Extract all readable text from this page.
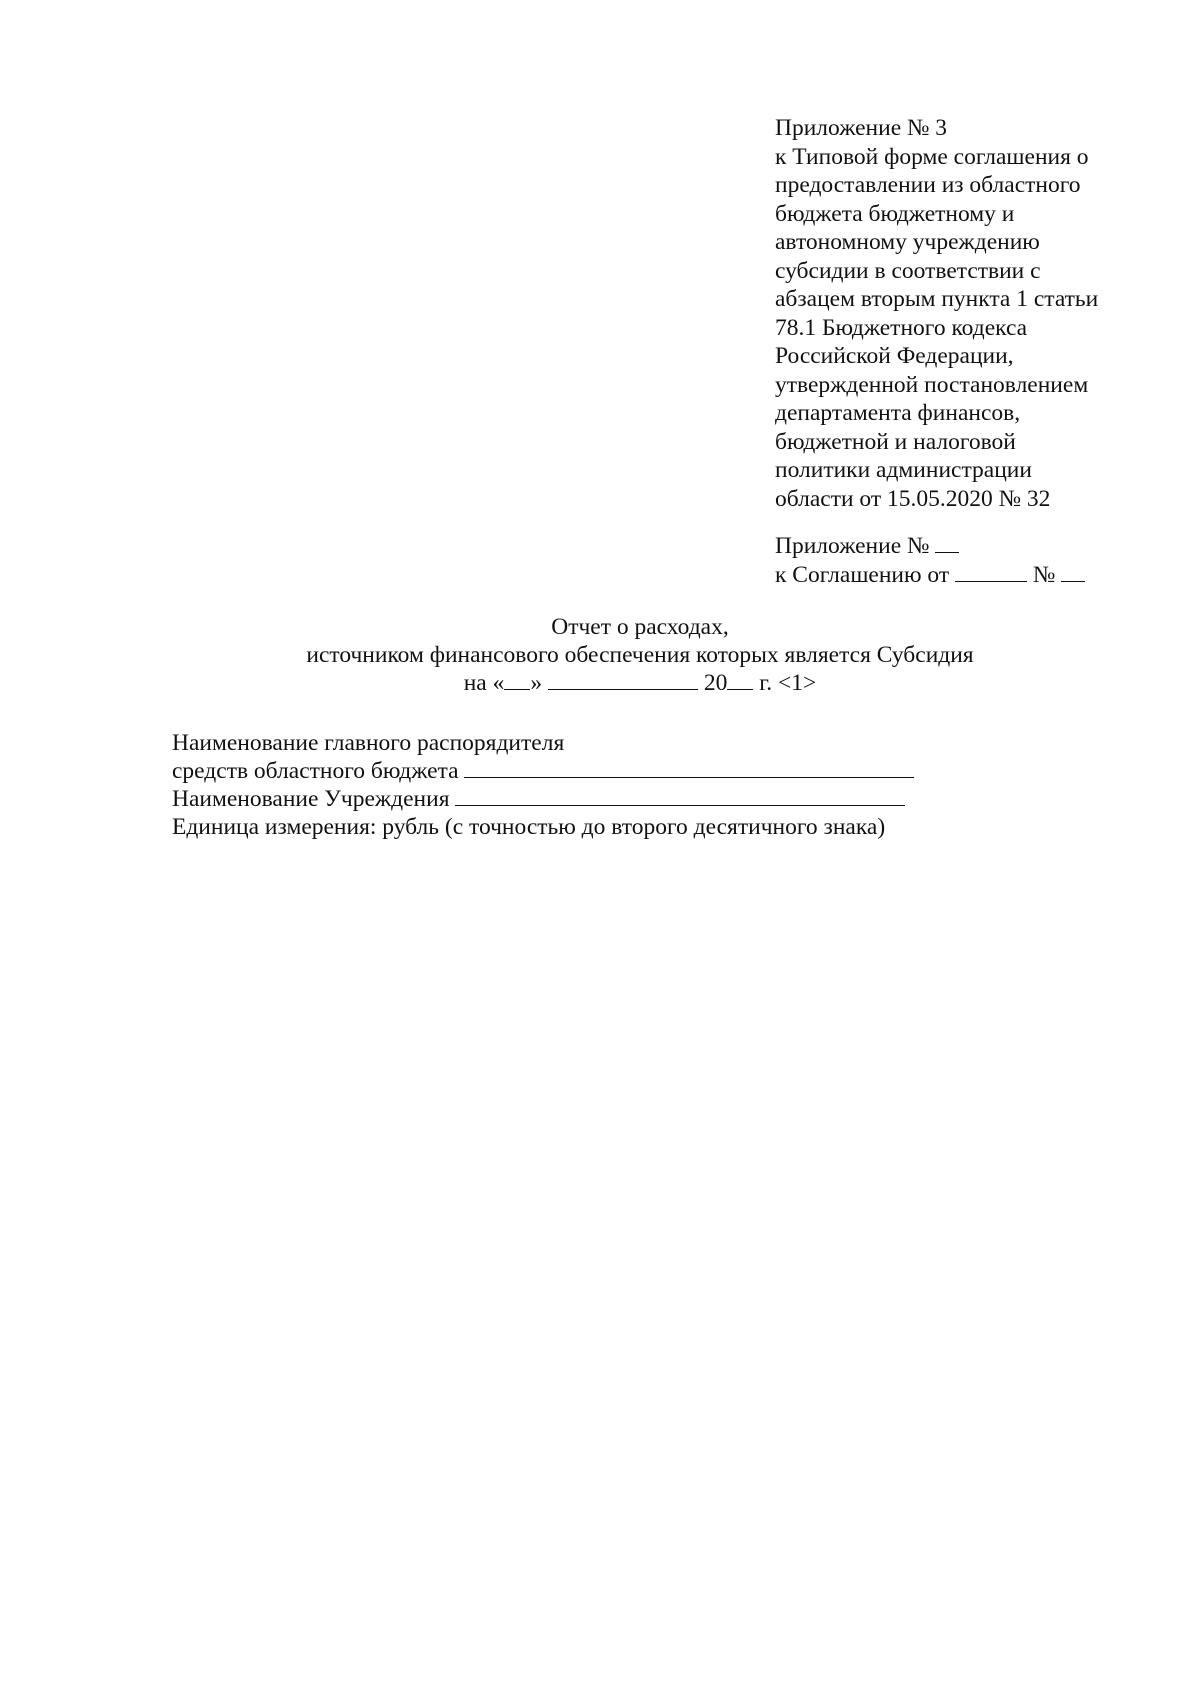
Приложение № 3
к Типовой форме соглашения о
предоставлении из областного
бюджета бюджетному и
автономному учреждению
субсидии в соответствии с
абзацем вторым пункта 1 статьи
78.1 Бюджетного кодекса
Российской Федерации,
утвержденной постановлением
департамента финансов,
бюджетной и налоговой
политики администрации
области от 15.05.2020 № 32
Приложение №
к Соглашению от	№
Отчет о расходах,
источником финансового обеспечения которых является Субсидия
на « »	20 г. <1>
Наименование главного распорядителя
средств областного бюджета
Наименование Учреждения
Единица измерения: рубль (с точностью до второго десятичного знака)
